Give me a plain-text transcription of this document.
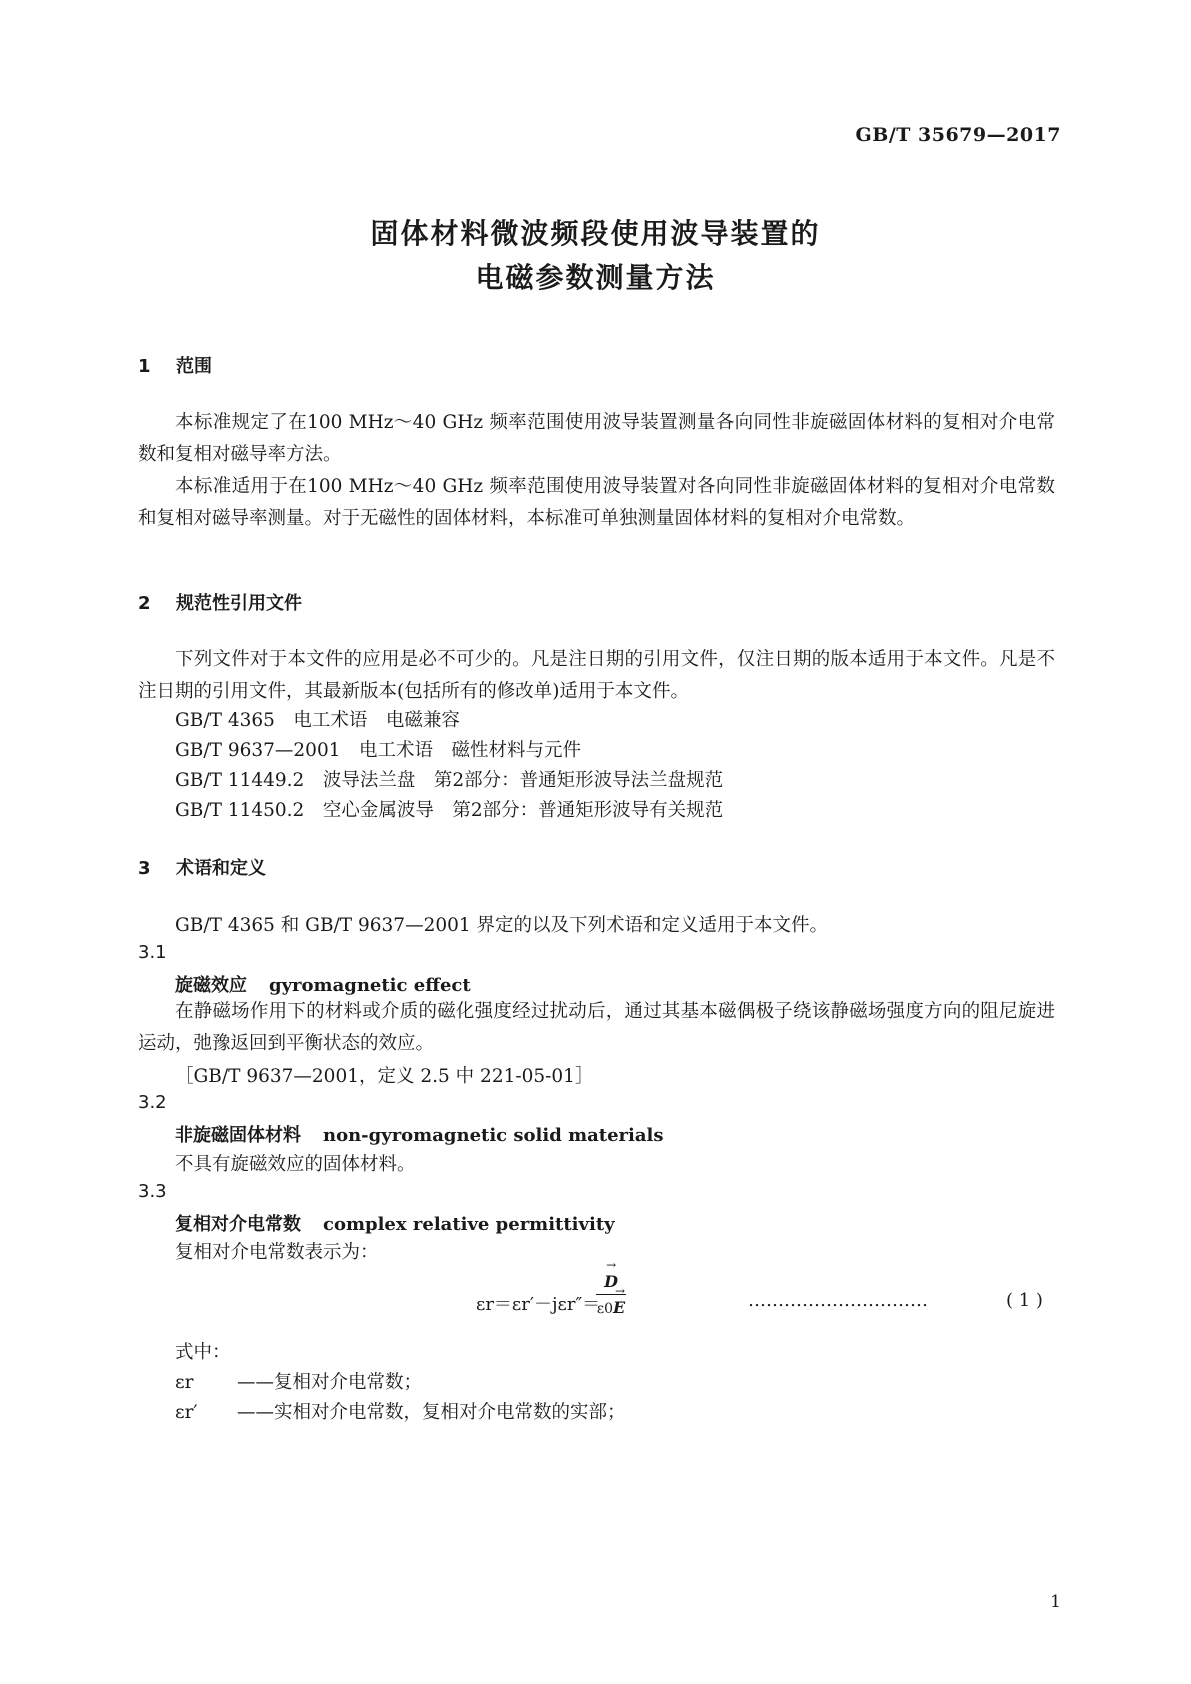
GB/T 35679—2017
固体材料微波频段使用波导装置的
电磁参数测量方法
1 范围
本标准规定了在100 MHz～40 GHz 频率范围使用波导装置测量各向同性非旋磁固体材料的复相对介电常数和复相对磁导率方法。
本标准适用于在100 MHz～40 GHz 频率范围使用波导装置对各向同性非旋磁固体材料的复相对介电常数和复相对磁导率测量。对于无磁性的固体材料，本标准可单独测量固体材料的复相对介电常数。
2 规范性引用文件
下列文件对于本文件的应用是必不可少的。凡是注日期的引用文件，仅注日期的版本适用于本文件。凡是不注日期的引用文件，其最新版本(包括所有的修改单)适用于本文件。
GB/T 4365　电工术语　电磁兼容
GB/T 9637—2001　电工术语　磁性材料与元件
GB/T 11449.2　波导法兰盘　第2部分：普通矩形波导法兰盘规范
GB/T 11450.2　空心金属波导　第2部分：普通矩形波导有关规范
3 术语和定义
GB/T 4365 和 GB/T 9637—2001 界定的以及下列术语和定义适用于本文件。
3.1
旋磁效应 gyromagnetic effect
在静磁场作用下的材料或介质的磁化强度经过扰动后，通过其基本磁偶极子绕该静磁场强度方向的阻尼旋进运动，弛豫返回到平衡状态的效应。
［GB/T 9637—2001，定义 2.5 中 221-05-01］
3.2
非旋磁固体材料 non-gyromagnetic solid materials
不具有旋磁效应的固体材料。
3.3
复相对介电常数 complex relative permittivity
复相对介电常数表示为：
εr＝εr′－jεr″＝
→ D
ε0→ E	…………………………	( 1 )
式中：
εr ——复相对介电常数；
εr′ ——实相对介电常数，复相对介电常数的实部；
1
